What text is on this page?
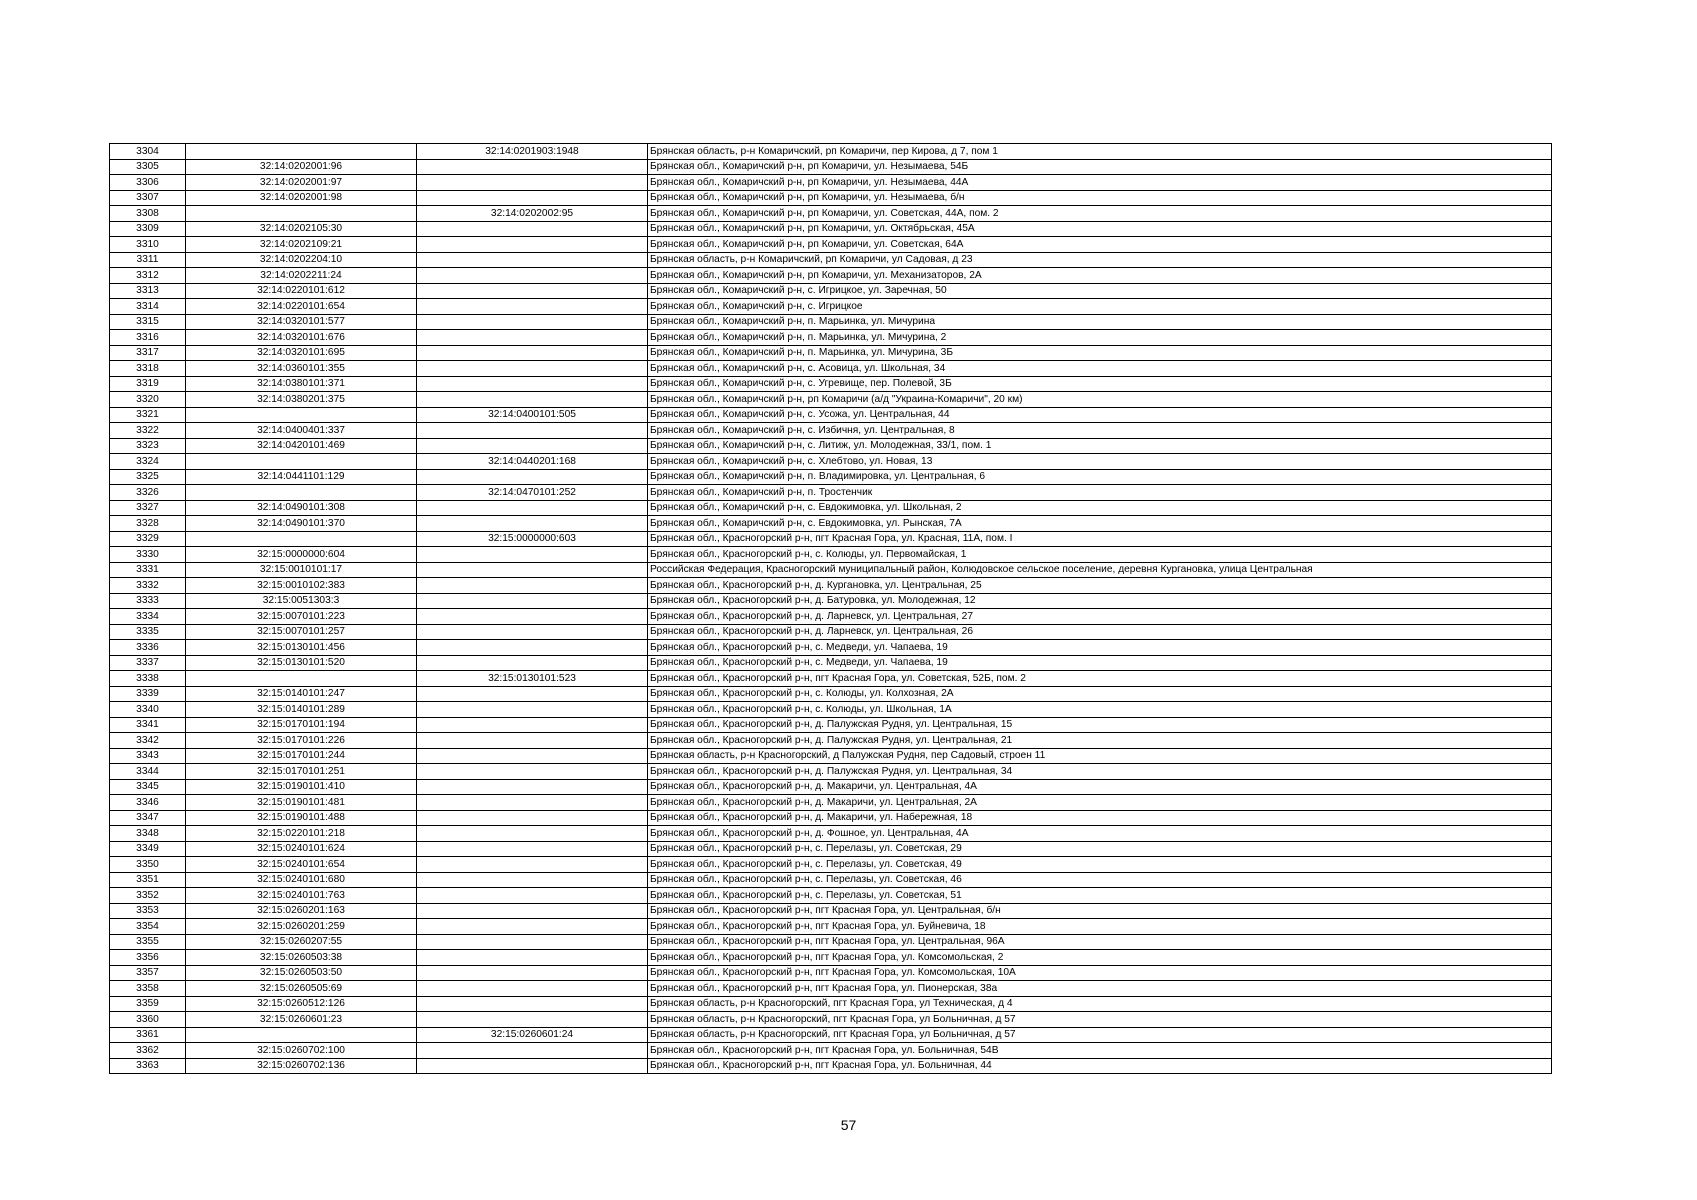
3304		32:14:0201903:1948	Брянская область, р-н Комаричский, рп Комаричи, пер Кирова, д 7, пом 1
3305	32:14:0202001:96		Брянская обл., Комаричский р-н, рп Комаричи, ул. Незымаева, 54Б
3306	32:14:0202001:97		Брянская обл., Комаричский р-н, рп Комаричи, ул. Незымаева, 44А
3307	32:14:0202001:98		Брянская обл., Комаричский р-н, рп Комаричи, ул. Незымаева, б/н
3308		32:14:0202002:95	Брянская обл., Комаричский р-н, рп Комаричи, ул. Советская, 44А, пом. 2
3309	32:14:0202105:30		Брянская обл., Комаричский р-н, рп Комаричи, ул. Октябрьская, 45А
3310	32:14:0202109:21		Брянская обл., Комаричский р-н, рп Комаричи, ул. Советская, 64А
3311	32:14:0202204:10		Брянская область, р-н Комаричский, рп Комаричи, ул Садовая, д 23
3312	32:14:0202211:24		Брянская обл., Комаричский р-н, рп Комаричи, ул. Механизаторов, 2А
3313	32:14:0220101:612		Брянская обл., Комаричский р-н, с. Игрицкое, ул. Заречная, 50
3314	32:14:0220101:654		Брянская обл., Комаричский р-н, с. Игрицкое
3315	32:14:0320101:577		Брянская обл., Комаричский р-н, п. Марьинка, ул. Мичурина
3316	32:14:0320101:676		Брянская обл., Комаричский р-н, п. Марьинка, ул. Мичурина, 2
3317	32:14:0320101:695		Брянская обл., Комаричский р-н, п. Марьинка, ул. Мичурина, 3Б
3318	32:14:0360101:355		Брянская обл., Комаричский р-н, с. Асовица, ул. Школьная, 34
3319	32:14:0380101:371		Брянская обл., Комаричский р-н, с. Угревище, пер. Полевой, 3Б
3320	32:14:0380201:375		Брянская обл., Комаричский р-н, рп Комаричи (а/д "Украина-Комаричи", 20 км)
3321		32:14:0400101:505	Брянская обл., Комаричский р-н, с. Усожа, ул. Центральная, 44
3322	32:14:0400401:337		Брянская обл., Комаричский р-н, с. Избичня, ул. Центральная, 8
3323	32:14:0420101:469		Брянская обл., Комаричский р-н, с. Литиж, ул. Молодежная, 33/1, пом. 1
3324		32:14:0440201:168	Брянская обл., Комаричский р-н, с. Хлебтово, ул. Новая, 13
3325	32:14:0441101:129		Брянская обл., Комаричский р-н, п. Владимировка, ул. Центральная, 6
3326		32:14:0470101:252	Брянская обл., Комаричский р-н, п. Тростенчик
3327	32:14:0490101:308		Брянская обл., Комаричский р-н, с. Евдокимовка, ул. Школьная, 2
3328	32:14:0490101:370		Брянская обл., Комаричский р-н, с. Евдокимовка, ул. Рынская, 7А
3329		32:15:0000000:603	Брянская обл., Красногорский р-н, пгт Красная Гора, ул. Красная, 11А, пом. I
3330	32:15:0000000:604		Брянская обл., Красногорский р-н, с. Колюды, ул. Первомайская, 1
3331	32:15:0010101:17		Российская Федерация, Красногорский муниципальный район, Колюдовское сельское поселение, деревня Кургановка, улица Центральная
3332	32:15:0010102:383		Брянская обл., Красногорский р-н, д. Кургановка, ул. Центральная, 25
3333	32:15:0051303:3		Брянская обл., Красногорский р-н, д. Батуровка, ул. Молодежная, 12
3334	32:15:0070101:223		Брянская обл., Красногорский р-н, д. Ларневск, ул. Центральная, 27
3335	32:15:0070101:257		Брянская обл., Красногорский р-н, д. Ларневск, ул. Центральная, 26
3336	32:15:0130101:456		Брянская обл., Красногорский р-н, с. Медведи, ул. Чапаева, 19
3337	32:15:0130101:520		Брянская обл., Красногорский р-н, с. Медведи, ул. Чапаева, 19
3338		32:15:0130101:523	Брянская обл., Красногорский р-н, пгт Красная Гора, ул. Советская, 52Б, пом. 2
3339	32:15:0140101:247		Брянская обл., Красногорский р-н, с. Колюды, ул. Колхозная, 2А
3340	32:15:0140101:289		Брянская обл., Красногорский р-н, с. Колюды, ул. Школьная, 1А
3341	32:15:0170101:194		Брянская обл., Красногорский р-н, д. Палужская Рудня, ул. Центральная, 15
3342	32:15:0170101:226		Брянская обл., Красногорский р-н, д. Палужская Рудня, ул. Центральная, 21
3343	32:15:0170101:244		Брянская область, р-н Красногорский, д Палужская Рудня, пер Садовый, строен 11
3344	32:15:0170101:251		Брянская обл., Красногорский р-н, д. Палужская Рудня, ул. Центральная, 34
3345	32:15:0190101:410		Брянская обл., Красногорский р-н, д. Макаричи, ул. Центральная, 4А
3346	32:15:0190101:481		Брянская обл., Красногорский р-н, д. Макаричи, ул. Центральная, 2А
3347	32:15:0190101:488		Брянская обл., Красногорский р-н, д. Макаричи, ул. Набережная, 18
3348	32:15:0220101:218		Брянская обл., Красногорский р-н, д. Фошное, ул. Центральная, 4А
3349	32:15:0240101:624		Брянская обл., Красногорский р-н, с. Перелазы, ул. Советская, 29
3350	32:15:0240101:654		Брянская обл., Красногорский р-н, с. Перелазы, ул. Советская, 49
3351	32:15:0240101:680		Брянская обл., Красногорский р-н, с. Перелазы, ул. Советская, 46
3352	32:15:0240101:763		Брянская обл., Красногорский р-н, с. Перелазы, ул. Советская, 51
3353	32:15:0260201:163		Брянская обл., Красногорский р-н, пгт Красная Гора, ул. Центральная, б/н
3354	32:15:0260201:259		Брянская обл., Красногорский р-н, пгт Красная Гора, ул. Буйневича, 18
3355	32:15:0260207:55		Брянская обл., Красногорский р-н, пгт Красная Гора, ул. Центральная, 96А
3356	32:15:0260503:38		Брянская обл., Красногорский р-н, пгт Красная Гора, ул. Комсомольская, 2
3357	32:15:0260503:50		Брянская обл., Красногорский р-н, пгт Красная Гора, ул. Комсомольская, 10А
3358	32:15:0260505:69		Брянская обл., Красногорский р-н, пгт Красная Гора, ул. Пионерская, 38а
3359	32:15:0260512:126		Брянская область, р-н Красногорский, пгт Красная Гора, ул Техническая, д 4
3360	32:15:0260601:23		Брянская область, р-н Красногорский, пгт Красная Гора, ул Больничная, д 57
3361		32:15:0260601:24	Брянская область, р-н Красногорский, пгт Красная Гора, ул Больничная, д 57
3362	32:15:0260702:100		Брянская обл., Красногорский р-н, пгт Красная Гора, ул. Больничная, 54В
3363	32:15:0260702:136		Брянская обл., Красногорский р-н, пгт Красная Гора, ул. Больничная, 44
57
